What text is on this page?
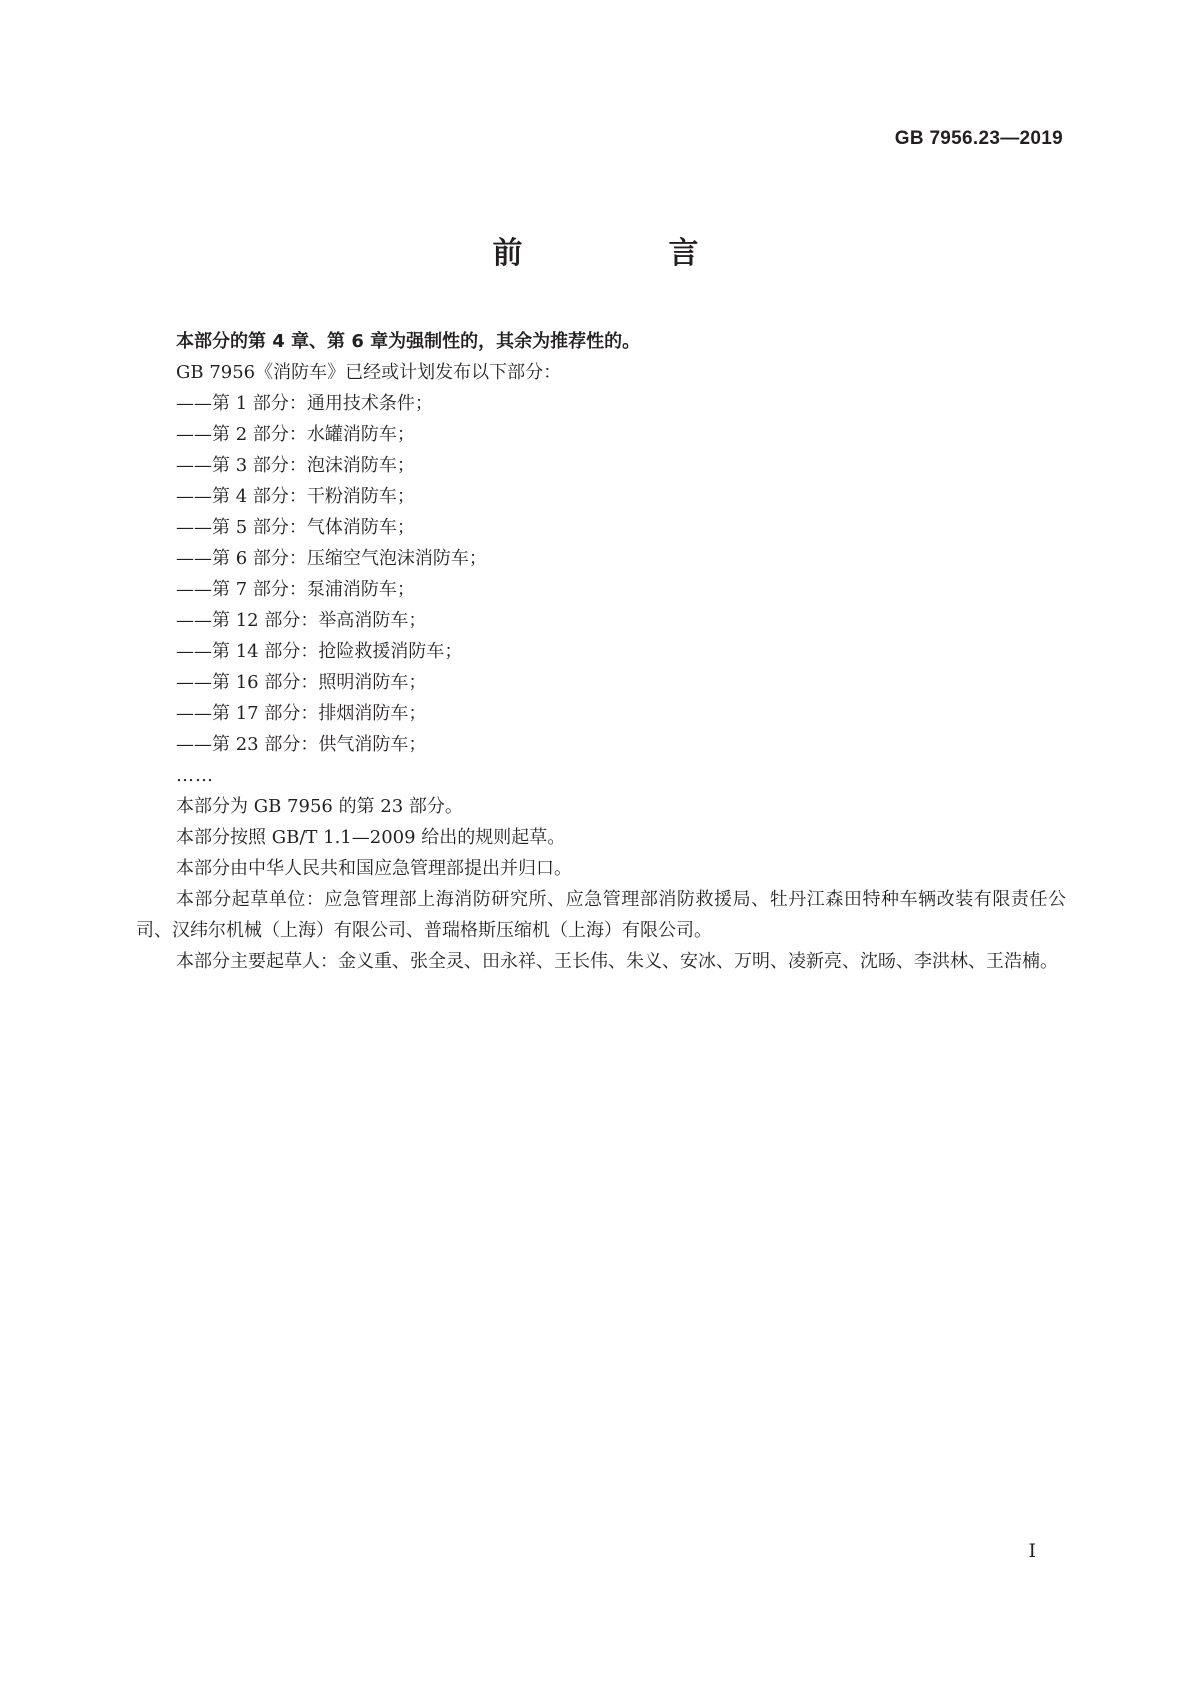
GB 7956.23—2019
前　言
本部分的第 4 章、第 6 章为强制性的，其余为推荐性的。
GB 7956《消防车》已经或计划发布以下部分：
——第 1 部分：通用技术条件；
——第 2 部分：水罐消防车；
——第 3 部分：泡沫消防车；
——第 4 部分：干粉消防车；
——第 5 部分：气体消防车；
——第 6 部分：压缩空气泡沫消防车；
——第 7 部分：泵浦消防车；
——第 12 部分：举高消防车；
——第 14 部分：抢险救援消防车；
——第 16 部分：照明消防车；
——第 17 部分：排烟消防车；
——第 23 部分：供气消防车；
……
本部分为 GB 7956 的第 23 部分。
本部分按照 GB/T 1.1—2009 给出的规则起草。
本部分由中华人民共和国应急管理部提出并归口。
本部分起草单位：应急管理部上海消防研究所、应急管理部消防救援局、牡丹江森田特种车辆改装有限责任公司、汉纬尔机械（上海）有限公司、普瑞格斯压缩机（上海）有限公司。
本部分主要起草人：金义重、张全灵、田永祥、王长伟、朱义、安冰、万明、凌新亮、沈旸、李洪林、王浩楠。
I
